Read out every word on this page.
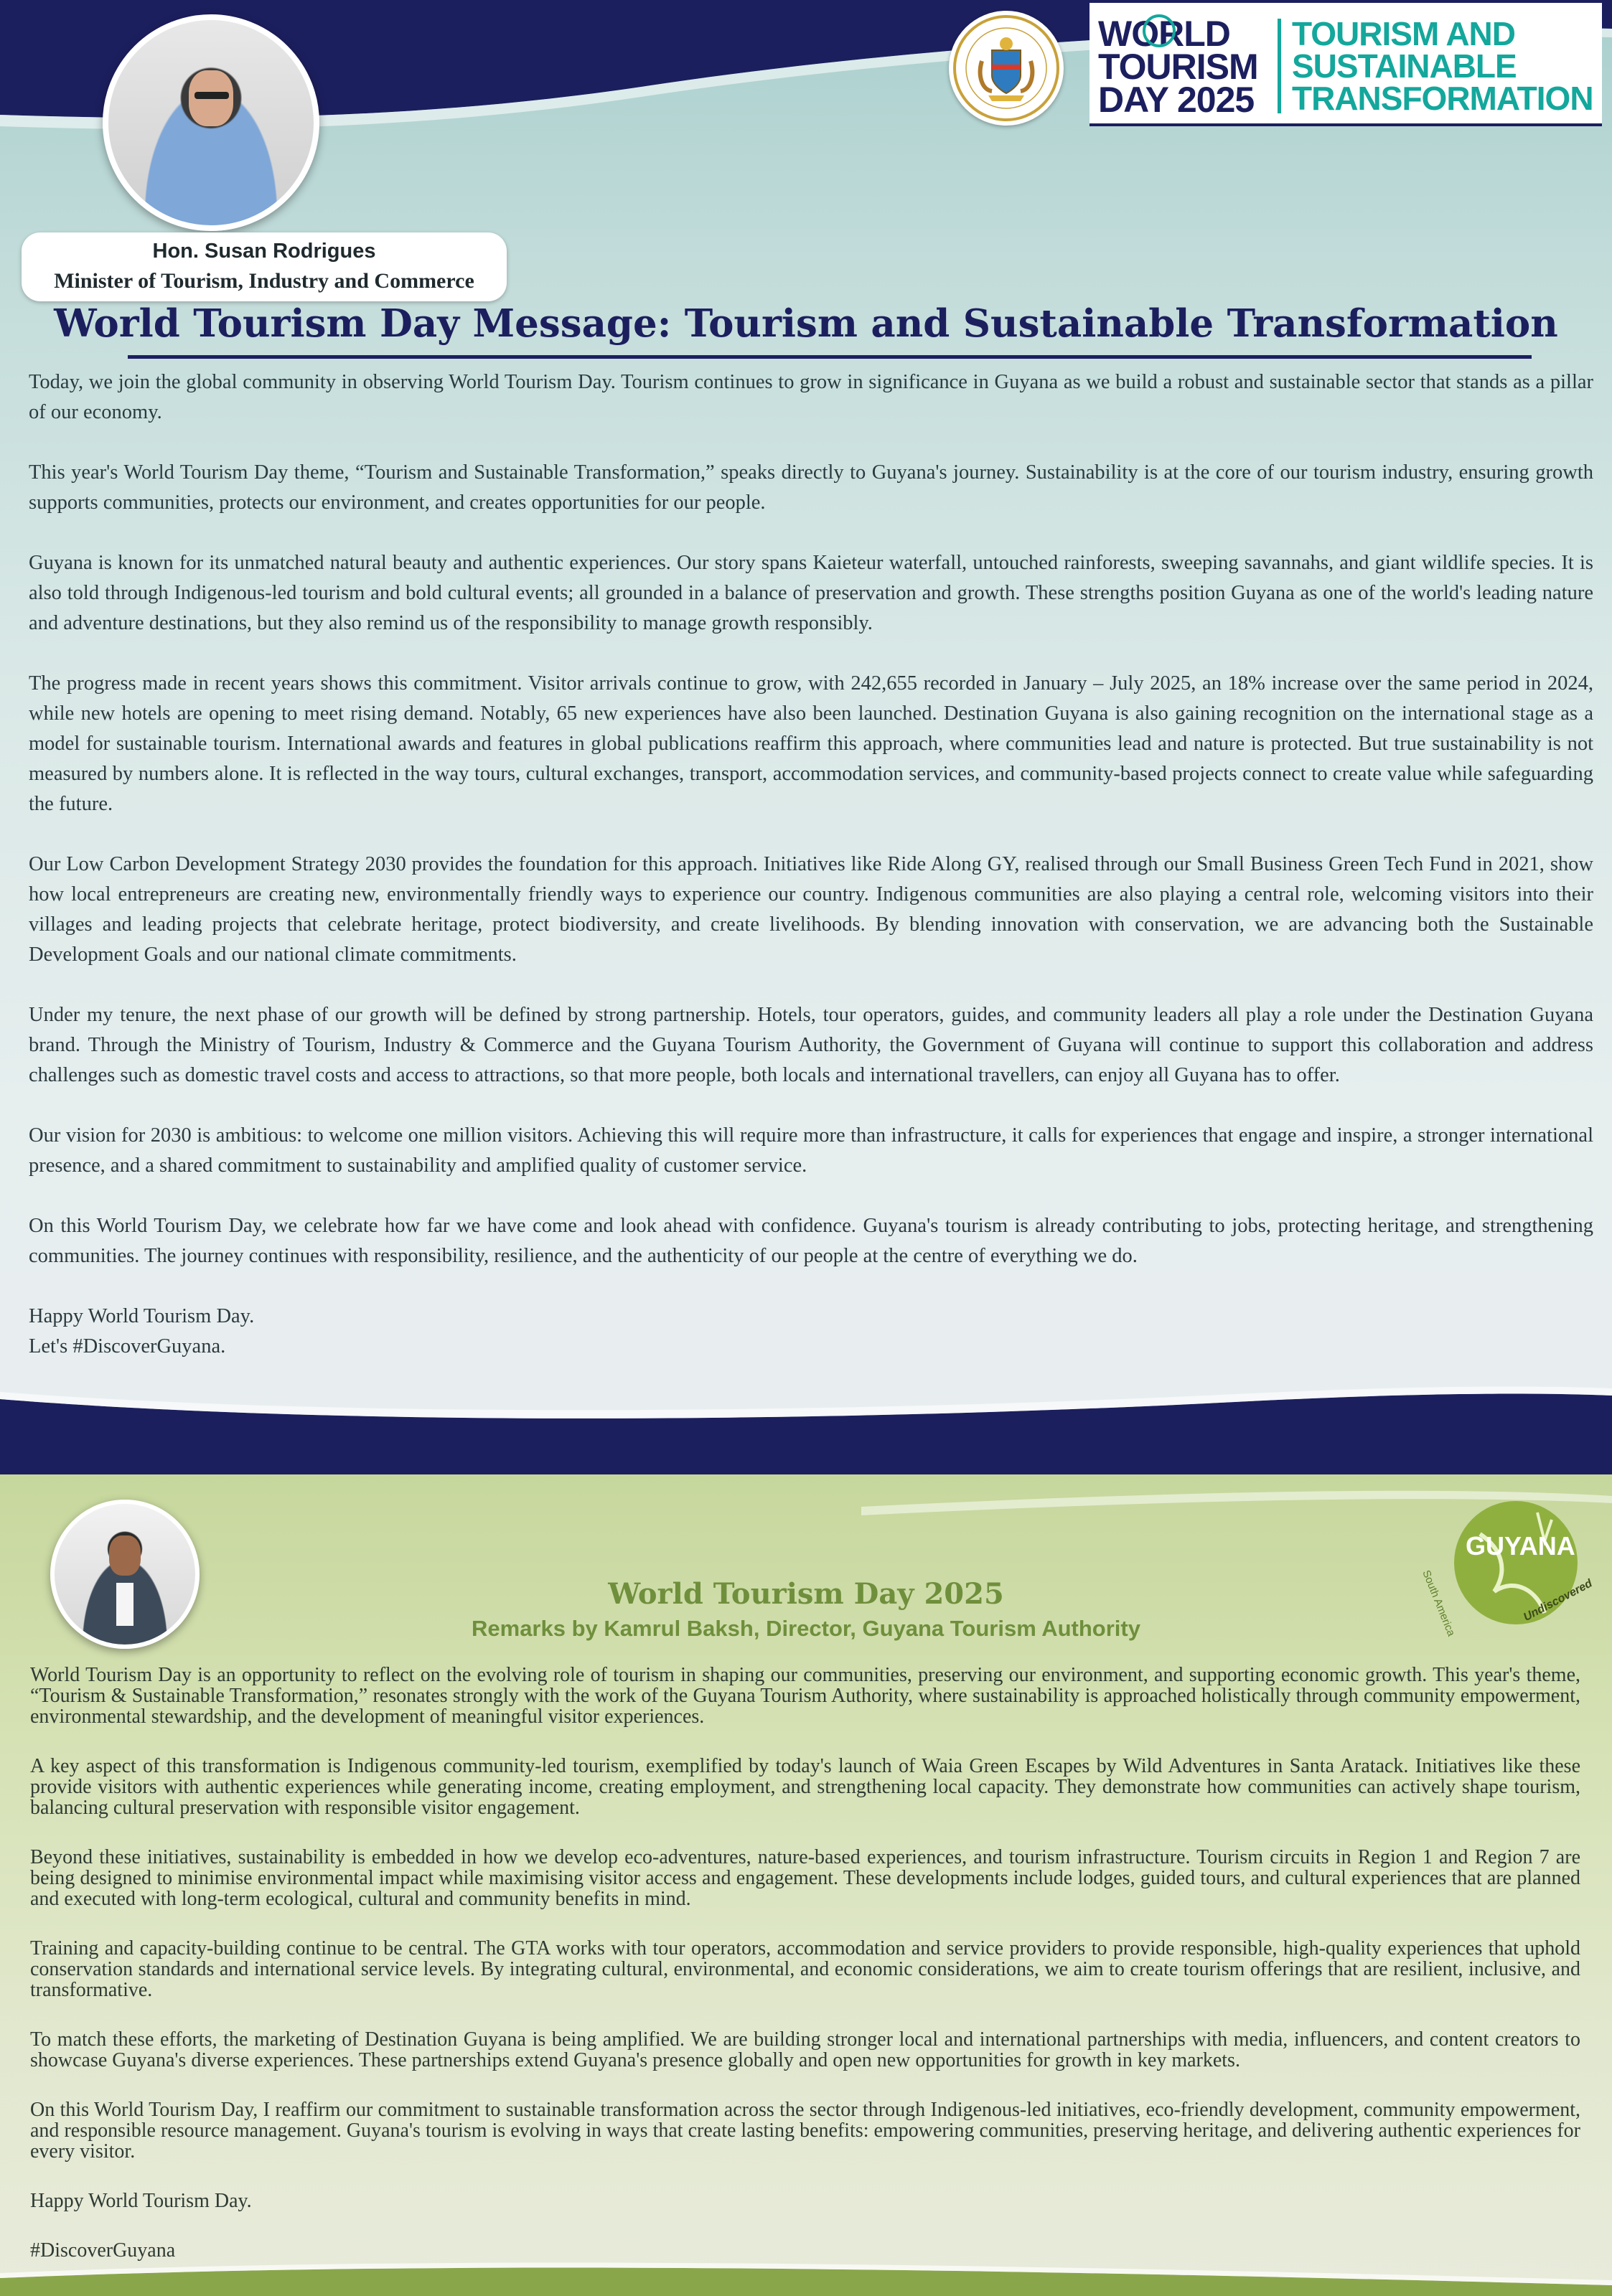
Hon. Susan Rodrigues
Minister of Tourism, Industry and Commerce
WORLD
TOURISM
DAY 2025
TOURISM AND
SUSTAINABLE
TRANSFORMATION
World Tourism Day Message: Tourism and Sustainable Transformation

Today, we join the global community in observing World Tourism Day. Tourism continues to grow in significance in Guyana as we build a robust and sustainable sector that stands as a pillar of our economy.

This year's World Tourism Day theme, “Tourism and Sustainable Transformation,” speaks directly to Guyana's journey. Sustainability is at the core of our tourism industry, ensuring growth supports communities, protects our environment, and creates opportunities for our people.

Guyana is known for its unmatched natural beauty and authentic experiences. Our story spans Kaieteur waterfall, untouched rainforests, sweeping savannahs, and giant wildlife species. It is also told through Indigenous-led tourism and bold cultural events; all grounded in a balance of preservation and growth. These strengths position Guyana as one of the world's leading nature and adventure destinations, but they also remind us of the responsibility to manage growth responsibly.

The progress made in recent years shows this commitment. Visitor arrivals continue to grow, with 242,655 recorded in January – July 2025, an 18% increase over the same period in 2024, while new hotels are opening to meet rising demand. Notably, 65 new experiences have also been launched. Destination Guyana is also gaining recognition on the international stage as a model for sustainable tourism. International awards and features in global publications reaffirm this approach, where communities lead and nature is protected. But true sustainability is not measured by numbers alone. It is reflected in the way tours, cultural exchanges, transport, accommodation services, and community-based projects connect to create value while safeguarding the future.

Our Low Carbon Development Strategy 2030 provides the foundation for this approach. Initiatives like Ride Along GY, realised through our Small Business Green Tech Fund in 2021, show how local entrepreneurs are creating new, environmentally friendly ways to experience our country. Indigenous communities are also playing a central role, welcoming visitors into their villages and leading projects that celebrate heritage, protect biodiversity, and create livelihoods. By blending innovation with conservation, we are advancing both the Sustainable Development Goals and our national climate commitments.

Under my tenure, the next phase of our growth will be defined by strong partnership. Hotels, tour operators, guides, and community leaders all play a role under the Destination Guyana brand. Through the Ministry of Tourism, Industry & Commerce and the Guyana Tourism Authority, the Government of Guyana will continue to support this collaboration and address challenges such as domestic travel costs and access to attractions, so that more people, both locals and international travellers, can enjoy all Guyana has to offer.

Our vision for 2030 is ambitious: to welcome one million visitors. Achieving this will require more than infrastructure, it calls for experiences that engage and inspire, a stronger international presence, and a shared commitment to sustainability and amplified quality of customer service.

On this World Tourism Day, we celebrate how far we have come and look ahead with confidence. Guyana's tourism is already contributing to jobs, protecting heritage, and strengthening communities. The journey continues with responsibility, resilience, and the authenticity of our people at the centre of everything we do.

Happy World Tourism Day.
Let's #DiscoverGuyana.
GUYANA
South America	Undiscovered
World Tourism Day 2025
Remarks by Kamrul Baksh, Director, Guyana Tourism Authority

World Tourism Day is an opportunity to reflect on the evolving role of tourism in shaping our communities, preserving our environment, and supporting economic growth. This year's theme, “Tourism & Sustainable Transformation,” resonates strongly with the work of the Guyana Tourism Authority, where sustainability is approached holistically through community empowerment, environmental stewardship, and the development of meaningful visitor experiences.

A key aspect of this transformation is Indigenous community-led tourism, exemplified by today's launch of Waia Green Escapes by Wild Adventures in Santa Aratack. Initiatives like these provide visitors with authentic experiences while generating income, creating employment, and strengthening local capacity. They demonstrate how communities can actively shape tourism, balancing cultural preservation with responsible visitor engagement.

Beyond these initiatives, sustainability is embedded in how we develop eco-adventures, nature-based experiences, and tourism infrastructure. Tourism circuits in Region 1 and Region 7 are being designed to minimise environmental impact while maximising visitor access and engagement. These developments include lodges, guided tours, and cultural experiences that are planned and executed with long-term ecological, cultural and community benefits in mind.

Training and capacity-building continue to be central. The GTA works with tour operators, accommodation and service providers to provide responsible, high-quality experiences that uphold conservation standards and international service levels. By integrating cultural, environmental, and economic considerations, we aim to create tourism offerings that are resilient, inclusive, and transformative.

To match these efforts, the marketing of Destination Guyana is being amplified. We are building stronger local and international partnerships with media, influencers, and content creators to showcase Guyana's diverse experiences. These partnerships extend Guyana's presence globally and open new opportunities for growth in key markets.

On this World Tourism Day, I reaffirm our commitment to sustainable transformation across the sector through Indigenous-led initiatives, eco-friendly development, community empowerment, and responsible resource management. Guyana's tourism is evolving in ways that create lasting benefits: empowering communities, preserving heritage, and delivering authentic experiences for every visitor.

Happy World Tourism Day.

#DiscoverGuyana
